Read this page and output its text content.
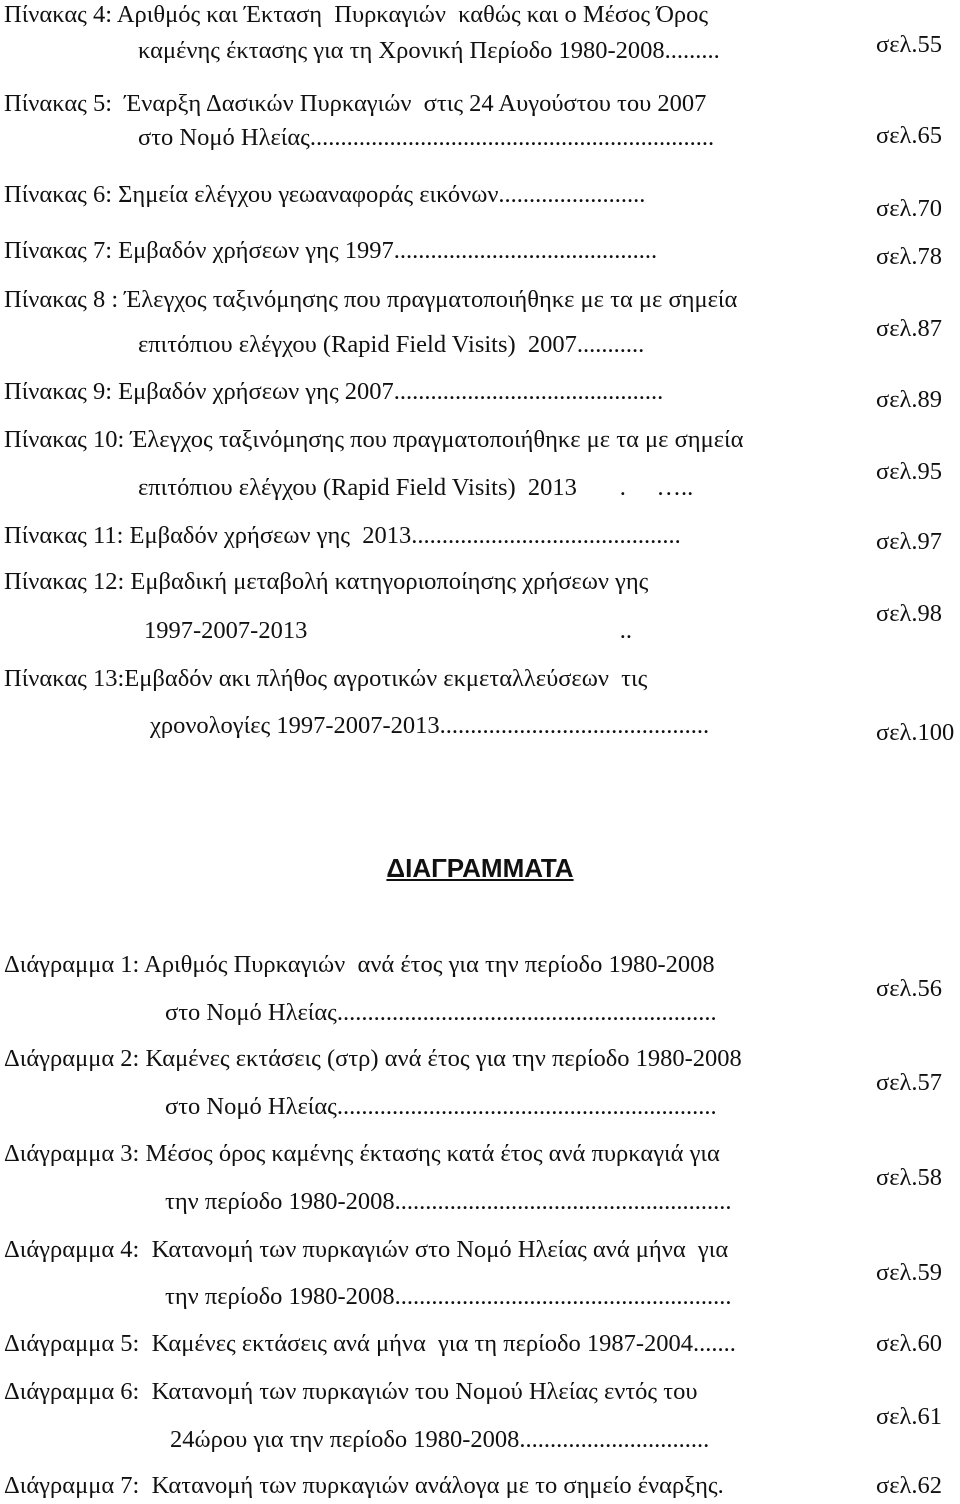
Πίνακας 4: Αριθμός και Έκταση  Πυρκαγιών  καθώς και ο Μέσος Όρος
καμένης έκτασης για τη Χρονική Περίοδο 1980-2008.........	σελ.55
Πίνακας 5:  Έναρξη Δασικών Πυρκαγιών  στις 24 Αυγούστου του 2007
στο Νομό Ηλείας..................................................................	σελ.65
Πίνακας 6: Σημεία ελέγχου γεωαναφοράς εικόνων........................
σελ.70
Πίνακας 7: Εμβαδόν χρήσεων γης 1997...........................................	σελ.78
Πίνακας 8 : Έλεγχος ταξινόμησης που πραγματοποιήθηκε με τα με σημεία
επιτόπιου ελέγχου (Rapid Field Visits)  2007...........
σελ.87
Πίνακας 9: Εμβαδόν χρήσεων γης 2007............................................	σελ.89
Πίνακας 10: Έλεγχος ταξινόμησης που πραγματοποιήθηκε με τα με σημεία
επιτόπιου ελέγχου (Rapid Field Visits)  2013       .     …..
σελ.95
Πίνακας 11: Εμβαδόν χρήσεων γης  2013............................................	σελ.97
Πίνακας 12: Εμβαδική μεταβολή κατηγοριοποίησης χρήσεων γης
1997-2007-2013                                                   ..
σελ.98
Πίνακας 13:Εμβαδόν ακι πλήθος αγροτικών εκμεταλλεύσεων  τις
χρονολογίες 1997-2007-2013............................................	σελ.100
ΔΙΑΓΡΑΜΜΑΤΑ
Διάγραμμα 1: Αριθμός Πυρκαγιών  ανά έτος για την περίοδο 1980-2008
στο Νομό Ηλείας..............................................................
σελ.56
Διάγραμμα 2: Καμένες εκτάσεις (στρ) ανά έτος για την περίοδο 1980-2008
στο Νομό Ηλείας..............................................................
σελ.57
Διάγραμμα 3: Μέσος όρος καμένης έκτασης κατά έτος ανά πυρκαγιά για
την περίοδο 1980-2008.......................................................
σελ.58
Διάγραμμα 4:  Κατανομή των πυρκαγιών στο Νομό Ηλείας ανά μήνα  για
την περίοδο 1980-2008.......................................................
σελ.59
Διάγραμμα 5:  Καμένες εκτάσεις ανά μήνα  για τη περίοδο 1987-2004.......	σελ.60
Διάγραμμα 6:  Κατανομή των πυρκαγιών του Νομού Ηλείας εντός του
24ώρου για την περίοδο 1980-2008...............................
σελ.61
Διάγραμμα 7:  Κατανομή των πυρκαγιών ανάλογα με το σημείο έναρξης.	σελ.62
